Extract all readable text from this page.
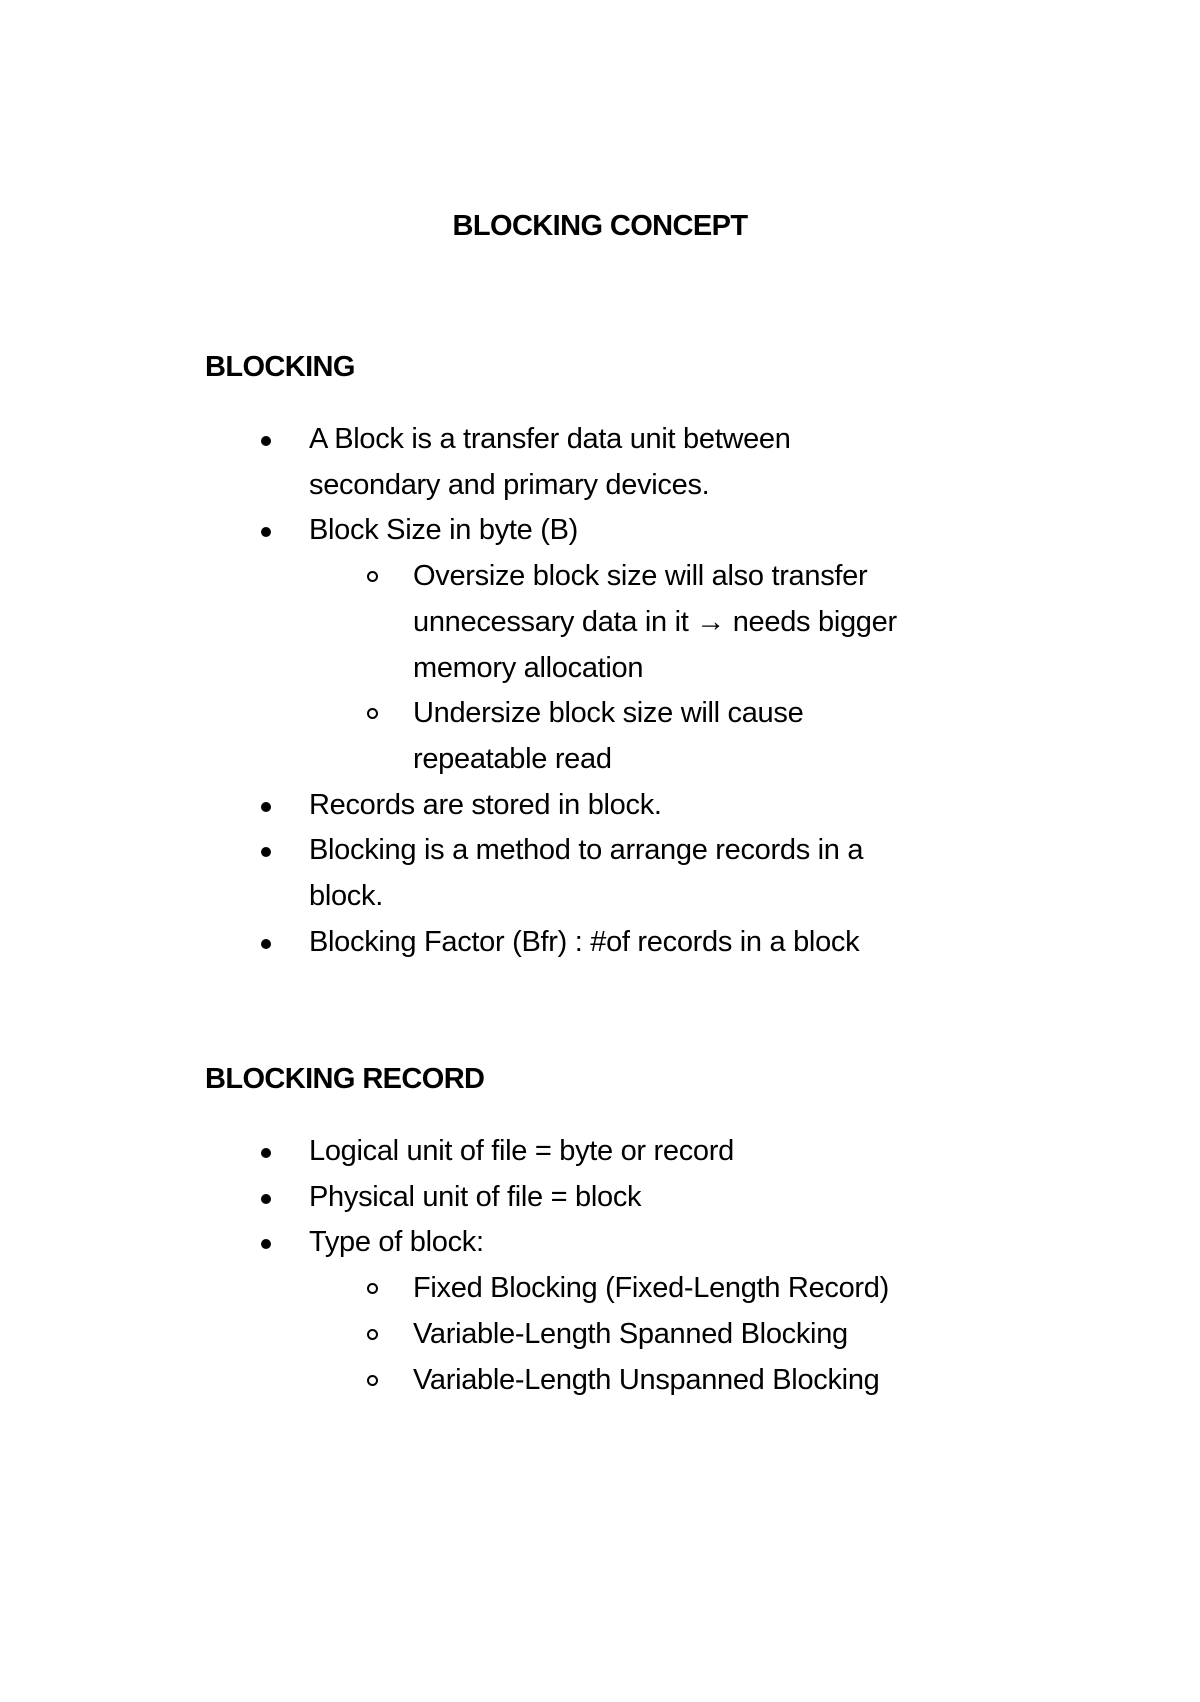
BLOCKING CONCEPT
BLOCKING
A Block is a transfer data unit between secondary and primary devices.
Block Size in byte (B)
Oversize block size will also transfer unnecessary data in it → needs bigger memory allocation
Undersize block size will cause repeatable read
Records are stored in block.
Blocking is a method to arrange records in a block.
Blocking Factor (Bfr) : #of records in a block
BLOCKING RECORD
Logical unit of file = byte or record
Physical unit of file = block
Type of block:
Fixed Blocking (Fixed-Length Record)
Variable-Length Spanned Blocking
Variable-Length Unspanned Blocking
